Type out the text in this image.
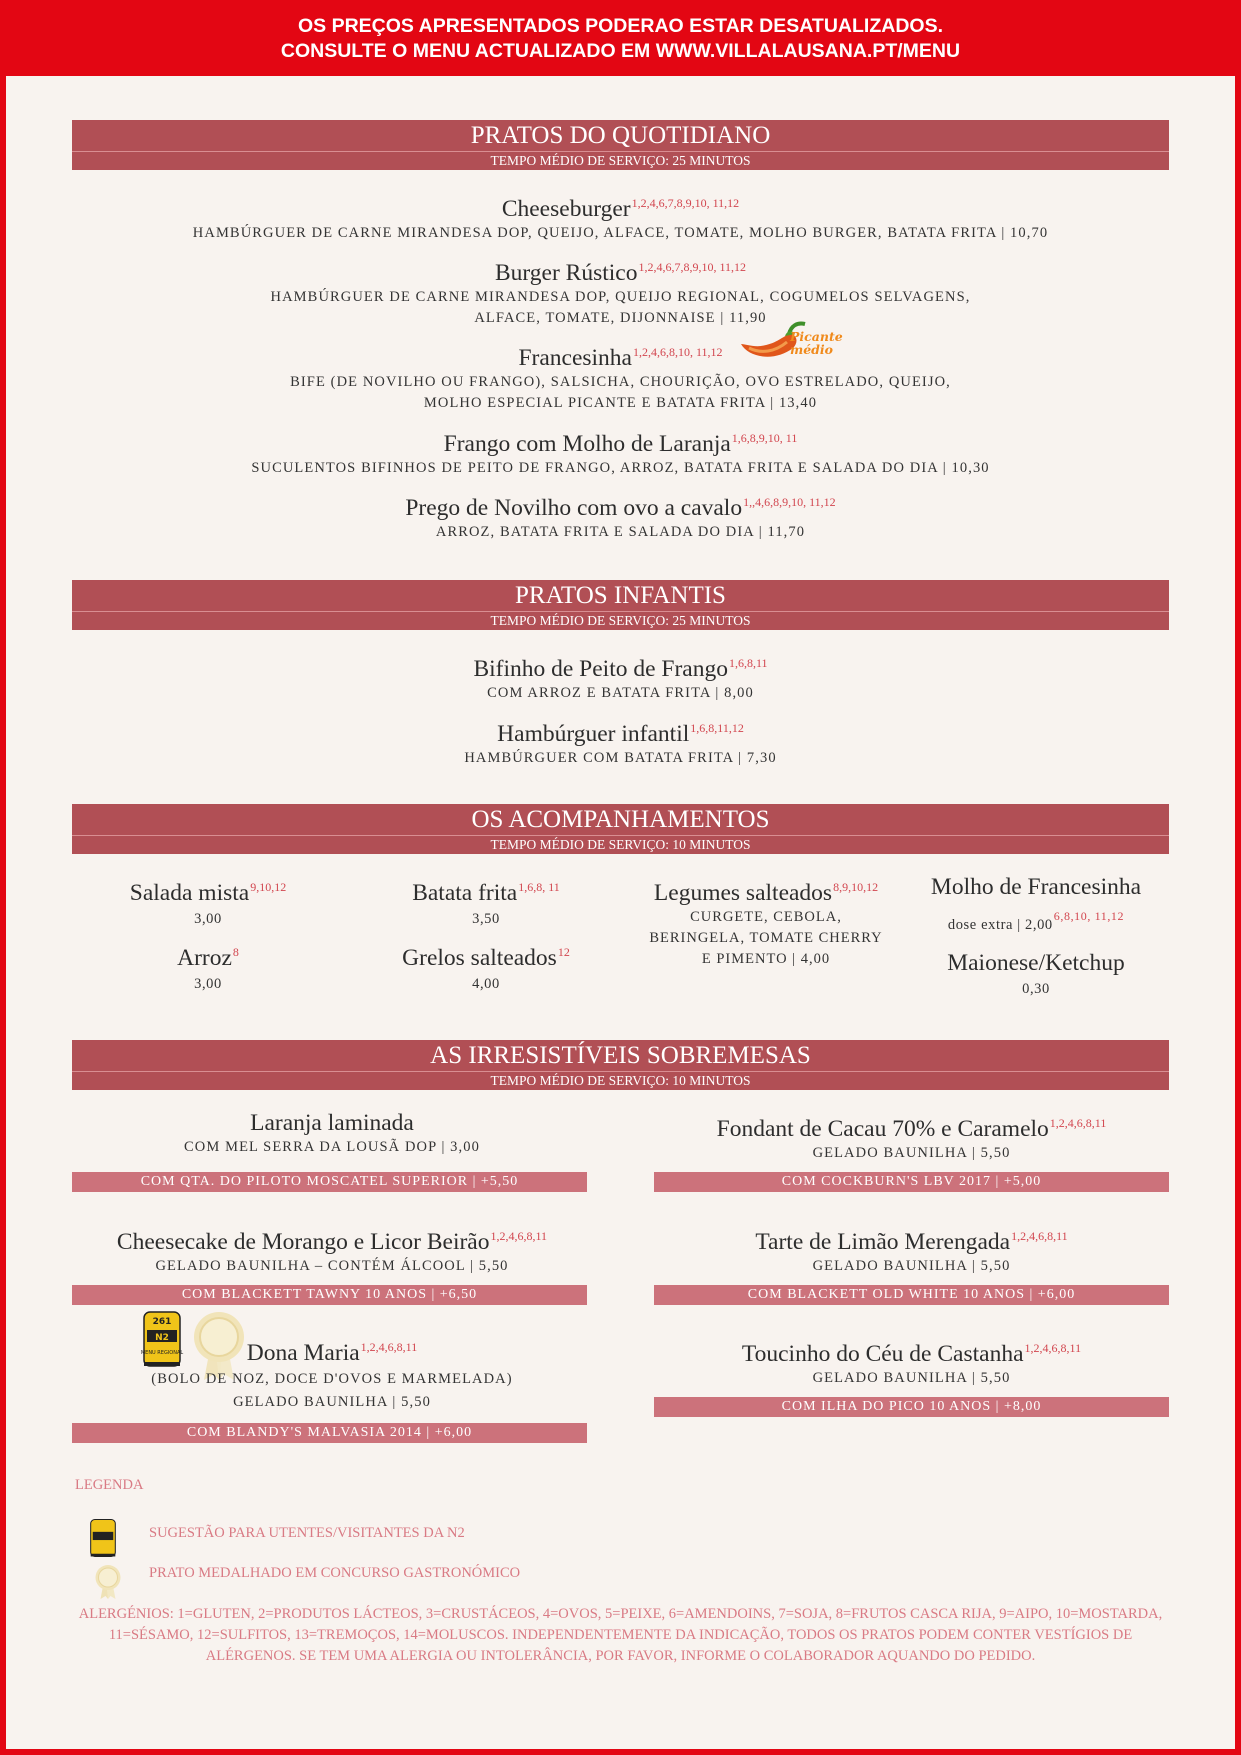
OS PREÇOS APRESENTADOS PODERAO ESTAR DESATUALIZADOS.
CONSULTE O MENU ACTUALIZADO EM WWW.VILLALAUSANA.PT/MENU
PRATOS DO QUOTIDIANO
TEMPO MÉDIO DE SERVIÇO: 25 MINUTOS
Cheeseburger$^{1,2,4,6,7,8,9,10, 11,12}$
HAMBÚRGUER DE CARNE MIRANDESA DOP, QUEIJO, ALFACE, TOMATE, MOLHO BURGER, BATATA FRITA | 10,70
Burger Rústico$^{1,2,4,6,7,8,9,10, 11,12}$
HAMBÚRGUER DE CARNE MIRANDESA DOP, QUEIJO REGIONAL, COGUMELOS SELVAGENS,
ALFACE, TOMATE, DIJONNAISE | 11,90
Francesinha$^{1,2,4,6,8,10, 11,12}$
BIFE (DE NOVILHO OU FRANGO), SALSICHA, CHOURIÇÃO, OVO ESTRELADO, QUEIJO,
MOLHO ESPECIAL PICANTE E BATATA FRITA | 13,40
Picante
médio
Frango com Molho de Laranja$^{1,6,8,9,10, 11}$
SUCULENTOS BIFINHOS DE PEITO DE FRANGO, ARROZ, BATATA FRITA E SALADA DO DIA | 10,30
Prego de Novilho com ovo a cavalo$^{1,,4,6,8,9,10, 11,12}$
ARROZ, BATATA FRITA E SALADA DO DIA | 11,70
PRATOS INFANTIS
TEMPO MÉDIO DE SERVIÇO: 25 MINUTOS
Bifinho de Peito de Frango$^{1,6,8,11}$
COM ARROZ E BATATA FRITA | 8,00
Hambúrguer infantil$^{1,6,8,11,12}$
HAMBÚRGUER COM BATATA FRITA | 7,30
OS ACOMPANHAMENTOS
TEMPO MÉDIO DE SERVIÇO: 10 MINUTOS
Salada mista$^{9,10,12}$
3,00
Arroz$^8$
3,00
Batata frita$^{1,6,8, 11}$
3,50
Grelos salteados$^{12}$
4,00
Legumes salteados$^{8,9,10,12}$
CURGETE, CEBOLA,
BERINGELA, TOMATE CHERRY
E PIMENTO | 4,00
Molho de Francesinha
dose extra | 2,00$^{6,8,10, 11,12}$
Maionese/Ketchup
0,30
AS IRRESISTÍVEIS SOBREMESAS
TEMPO MÉDIO DE SERVIÇO: 10 MINUTOS
Laranja laminada
COM MEL SERRA DA LOUSÃ DOP | 3,00
COM QTA. DO PILOTO MOSCATEL SUPERIOR | +5,50
Cheesecake de Morango e Licor Beirão$^{1,2,4,6,8,11}$
GELADO BAUNILHA – CONTÉM ÁLCOOL | 5,50
COM BLACKETT TAWNY 10 ANOS | +6,50
261
N2
MENU REGIONAL	Dona Maria$^{1,2,4,6,8,11}$
(BOLO DE NOZ, DOCE D'OVOS E MARMELADA)
GELADO BAUNILHA | 5,50
COM BLANDY'S MALVASIA 2014 | +6,00
Fondant de Cacau 70% e Caramelo$^{1,2,4,6,8,11}$
GELADO BAUNILHA | 5,50
COM COCKBURN'S LBV 2017 | +5,00
Tarte de Limão Merengada$^{1,2,4,6,8,11}$
GELADO BAUNILHA | 5,50
COM BLACKETT OLD WHITE 10 ANOS | +6,00
Toucinho do Céu de Castanha$^{1,2,4,6,8,11}$
GELADO BAUNILHA | 5,50
COM ILHA DO PICO 10 ANOS | +8,00
LEGENDA
SUGESTÃO PARA UTENTES/VISITANTES DA N2
PRATO MEDALHADO EM CONCURSO GASTRONÓMICO
ALERGÉNIOS: 1=GLUTEN, 2=PRODUTOS LÁCTEOS, 3=CRUSTÁCEOS, 4=OVOS, 5=PEIXE, 6=AMENDOINS, 7=SOJA, 8=FRUTOS CASCA RIJA, 9=AIPO, 10=MOSTARDA, 11=SÉSAMO, 12=SULFITOS, 13=TREMOÇOS, 14=MOLUSCOS. INDEPENDENTEMENTE DA INDICAÇÃO, TODOS OS PRATOS PODEM CONTER VESTÍGIOS DE ALÉRGENOS. SE TEM UMA ALERGIA OU INTOLERÂNCIA, POR FAVOR, INFORME O COLABORADOR AQUANDO DO PEDIDO.
